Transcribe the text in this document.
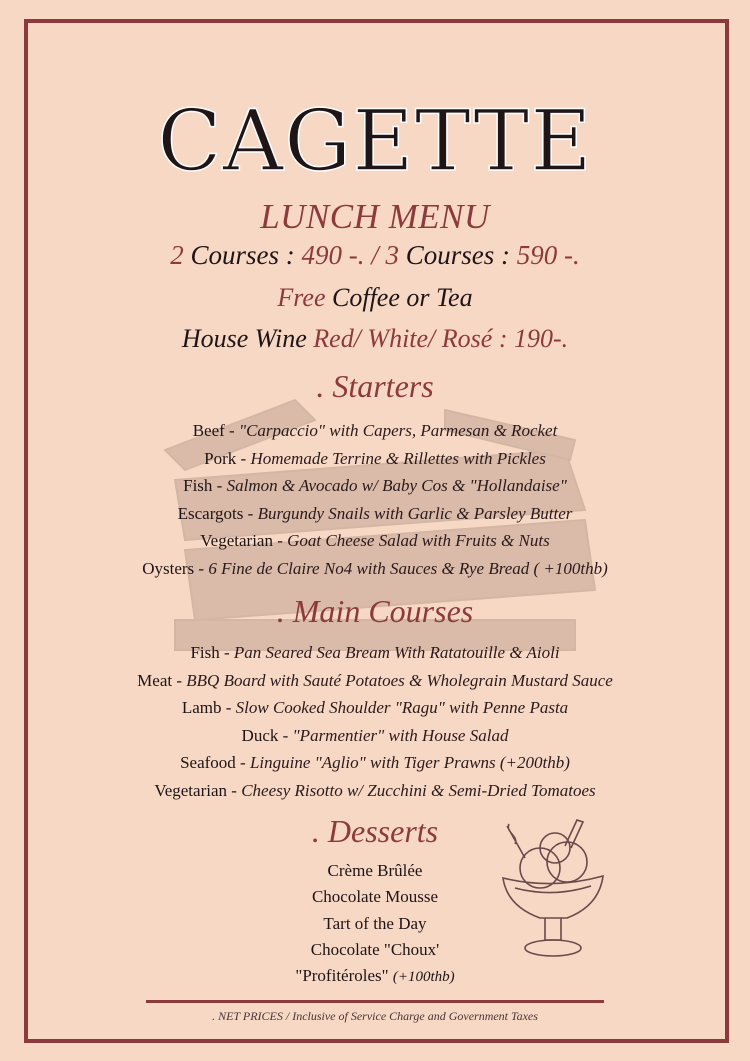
CAGETTE
LUNCH MENU
2 Courses : 490 -. / 3 Courses : 590 -.
Free Coffee or Tea
House Wine Red/ White/ Rosé : 190-.
. Starters
Beef - "Carpaccio" with Capers, Parmesan & Rocket
Pork - Homemade Terrine & Rillettes with Pickles
Fish - Salmon & Avocado w/ Baby Cos & "Hollandaise"
Escargots - Burgundy Snails with Garlic & Parsley Butter
Vegetarian - Goat Cheese Salad with Fruits & Nuts
Oysters - 6 Fine de Claire No4 with Sauces & Rye Bread ( +100thb)
. Main Courses
Fish - Pan Seared Sea Bream With Ratatouille & Aioli
Meat - BBQ Board with Sauté Potatoes & Wholegrain Mustard Sauce
Lamb - Slow Cooked Shoulder "Ragu" with Penne Pasta
Duck - "Parmentier" with House Salad
Seafood - Linguine "Aglio" with Tiger Prawns (+200thb)
Vegetarian - Cheesy Risotto w/ Zucchini & Semi-Dried Tomatoes
. Desserts
Crème Brûlée
Chocolate Mousse
Tart of the Day
Chocolate "Choux'
"Profitéroles" (+100thb)
. NET PRICES / Inclusive of Service Charge and Government Taxes
